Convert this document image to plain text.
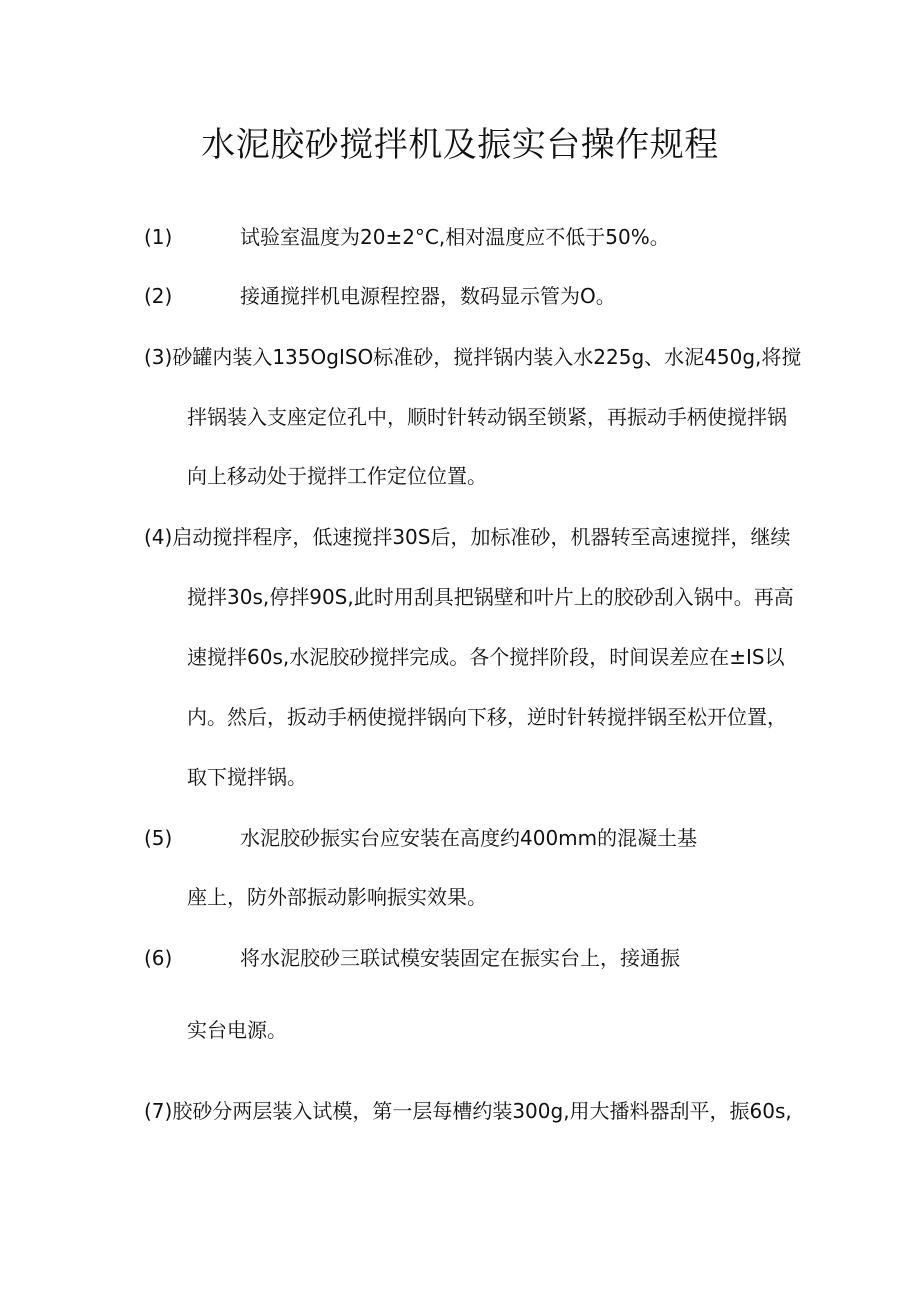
水泥胶砂搅拌机及振实台操作规程
(1)	试验室温度为20±2°C,相对温度应不低于50%。
(2)	接通搅拌机电源程控器，数码显示管为O。
(3)砂罐内装入135OgISO标准砂，搅拌锅内装入水225g、水泥450g,将搅
拌锅装入支座定位孔中，顺时针转动锅至锁紧，再振动手柄使搅拌锅
向上移动处于搅拌工作定位位置。
(4)启动搅拌程序，低速搅拌30S后，加标准砂，机器转至高速搅拌，继续
搅拌30s,停拌90S,此时用刮具把锅壁和叶片上的胶砂刮入锅中。再高
速搅拌60s,水泥胶砂搅拌完成。各个搅拌阶段，时间误差应在±IS以
内。然后，扳动手柄使搅拌锅向下移，逆时针转搅拌锅至松开位置，
取下搅拌锅。
(5)	水泥胶砂振实台应安装在高度约400mm的混凝土基
座上，防外部振动影响振实效果。
(6)	将水泥胶砂三联试模安装固定在振实台上，接通振
实台电源。
(7)胶砂分两层装入试模，第一层每槽约装300g,用大播料器刮平，振60s,
